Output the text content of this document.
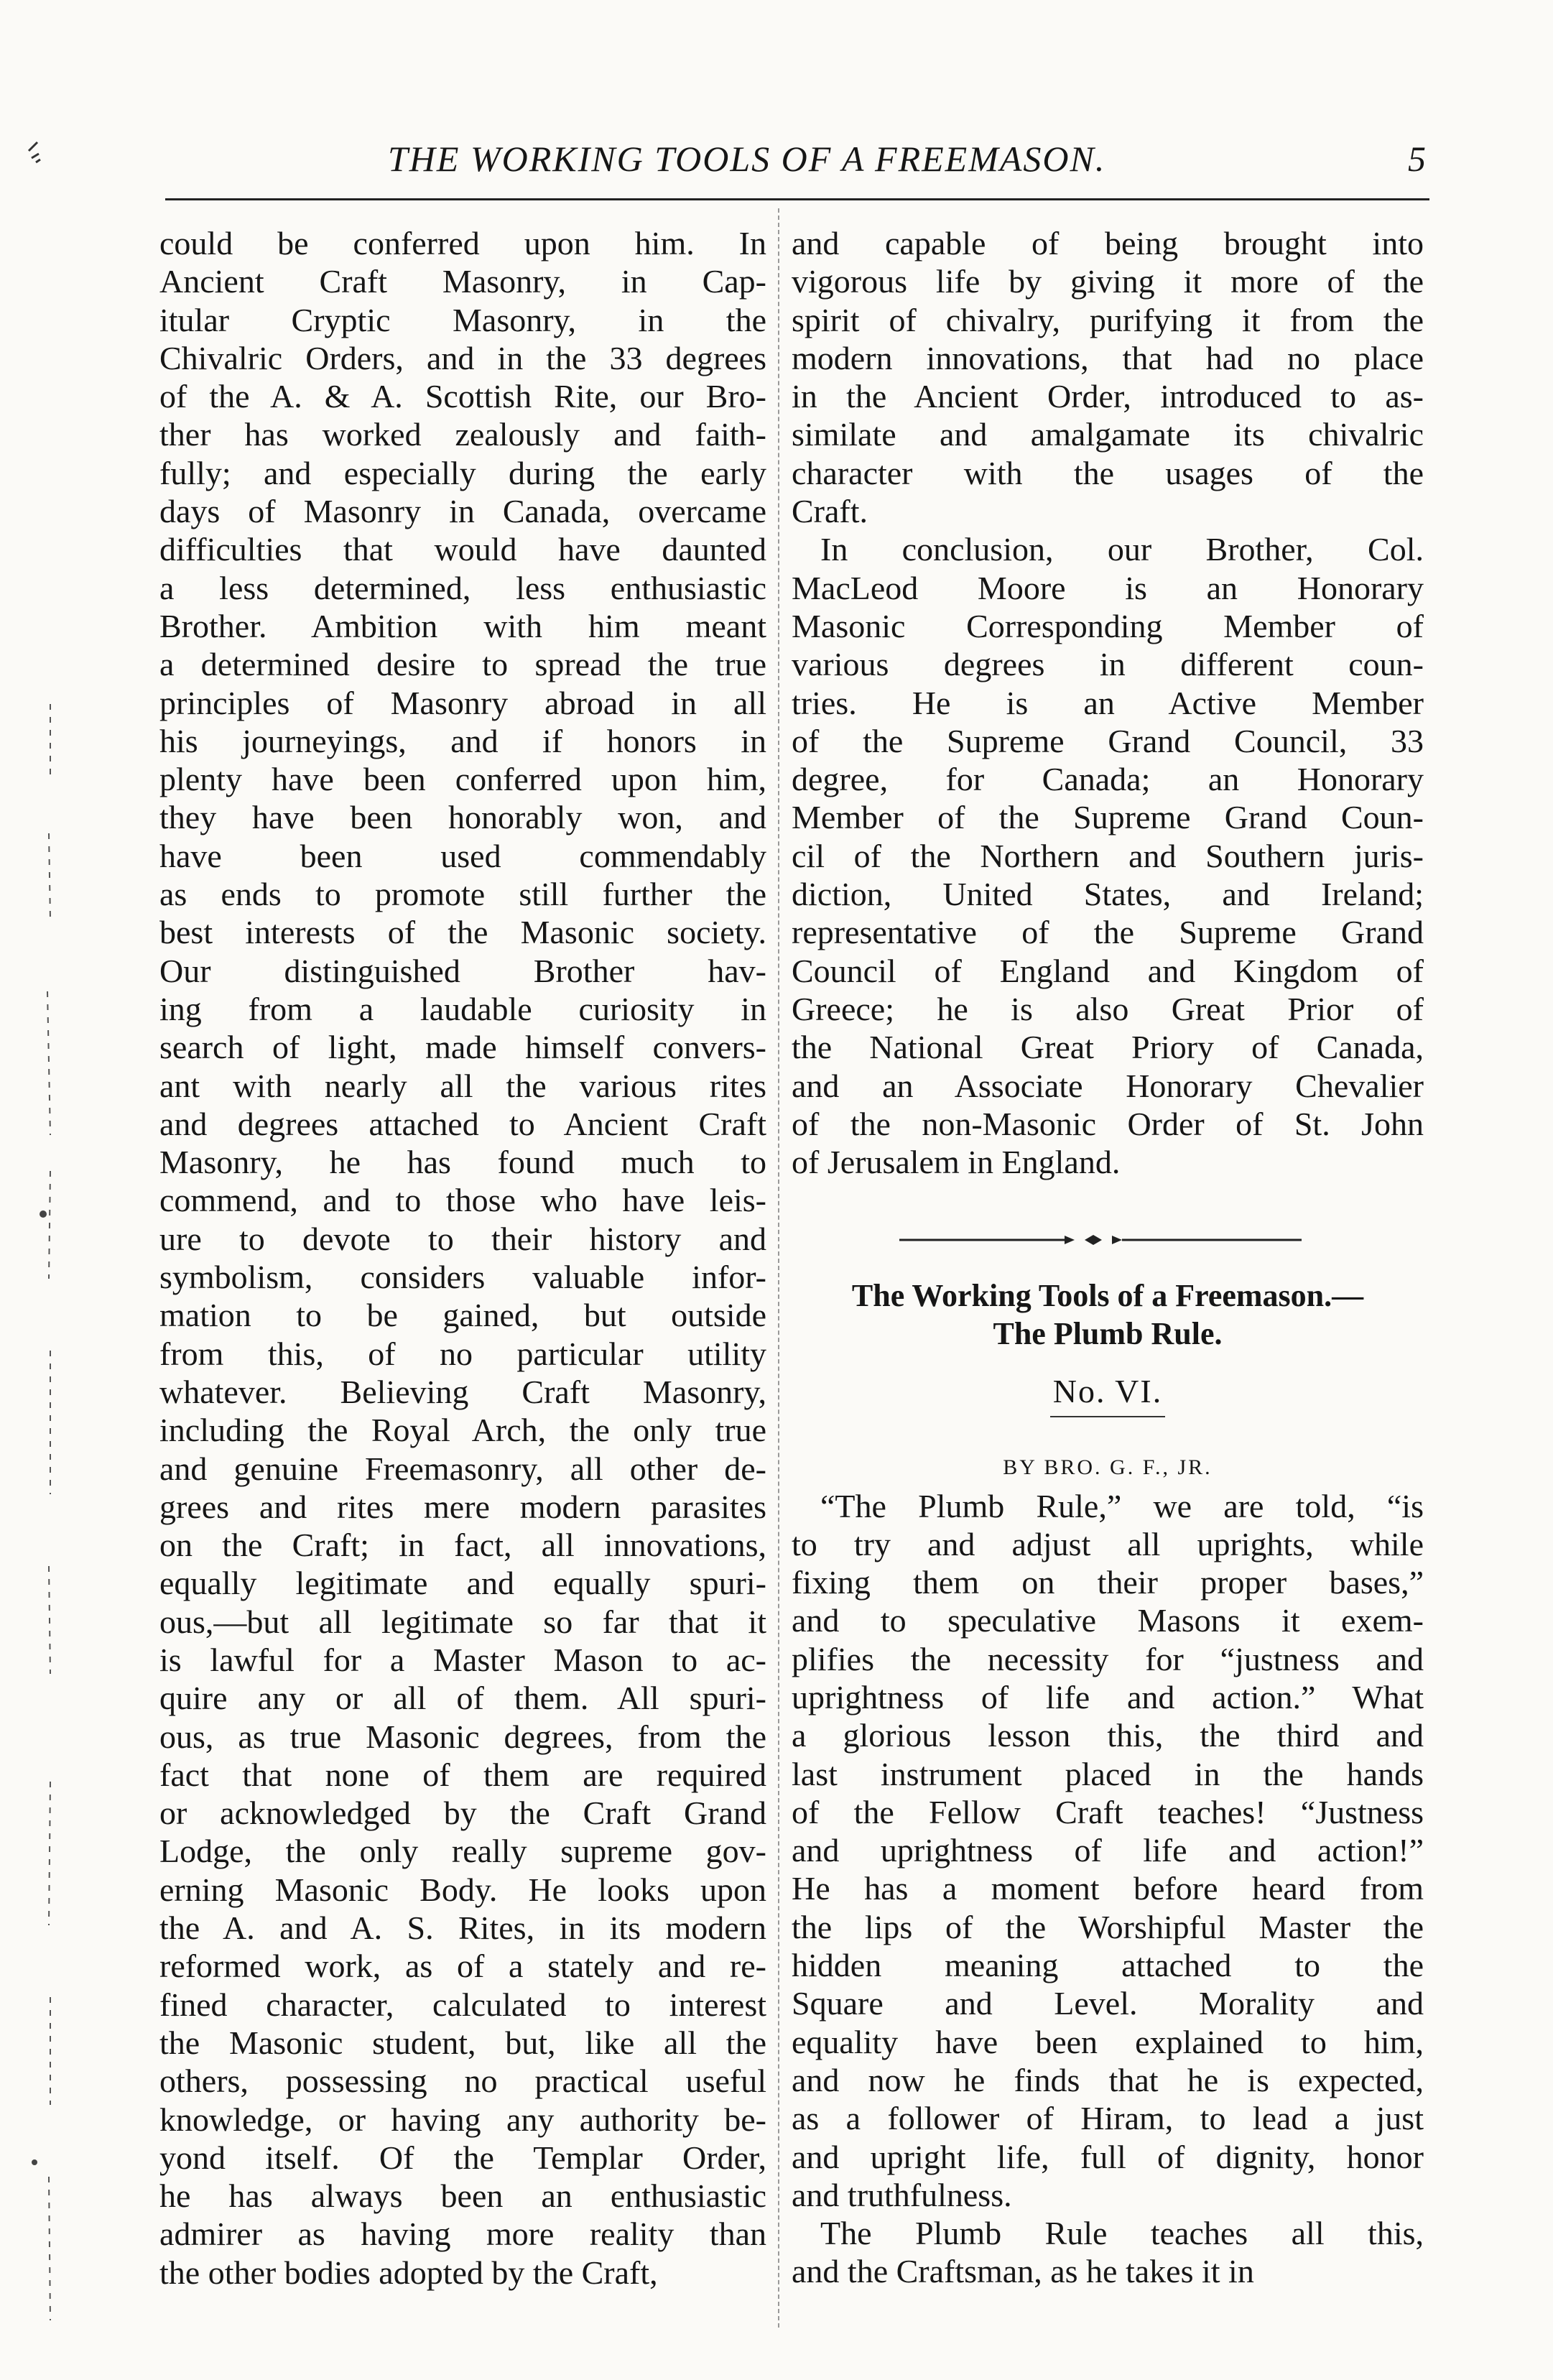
THE WORKING TOOLS OF A FREEMASON.	5
could be conferred upon him. In
Ancient Craft Masonry, in Cap-
itular Cryptic Masonry, in the
Chivalric Orders, and in the 33 degrees
of the A. & A. Scottish Rite, our Bro-
ther has worked zealously and faith-
fully; and especially during the early
days of Masonry in Canada, overcame
difficulties that would have daunted
a less determined, less enthusiastic
Brother. Ambition with him meant
a determined desire to spread the true
principles of Masonry abroad in all
his journeyings, and if honors in
plenty have been conferred upon him,
they have been honorably won, and
have been used commendably
as ends to promote still further the
best interests of the Masonic society.
Our distinguished Brother hav-
ing from a laudable curiosity in
search of light, made himself convers-
ant with nearly all the various rites
and degrees attached to Ancient Craft
Masonry, he has found much to
commend, and to those who have leis-
ure to devote to their history and
symbolism, considers valuable infor-
mation to be gained, but outside
from this, of no particular utility
whatever. Believing Craft Masonry,
including the Royal Arch, the only true
and genuine Freemasonry, all other de-
grees and rites mere modern parasites
on the Craft; in fact, all innovations,
equally legitimate and equally spuri-
ous,—but all legitimate so far that it
is lawful for a Master Mason to ac-
quire any or all of them. All spuri-
ous, as true Masonic degrees, from the
fact that none of them are required
or acknowledged by the Craft Grand
Lodge, the only really supreme gov-
erning Masonic Body. He looks upon
the A. and A. S. Rites, in its modern
reformed work, as of a stately and re-
fined character, calculated to interest
the Masonic student, but, like all the
others, possessing no practical useful
knowledge, or having any authority be-
yond itself. Of the Templar Order,
he has always been an enthusiastic
admirer as having more reality than
the other bodies adopted by the Craft,
and capable of being brought into
vigorous life by giving it more of the
spirit of chivalry, purifying it from the
modern innovations, that had no place
in the Ancient Order, introduced to as-
similate and amalgamate its chivalric
character with the usages of the
Craft.
In conclusion, our Brother, Col.
MacLeod Moore is an Honorary
Masonic Corresponding Member of
various degrees in different coun-
tries. He is an Active Member
of the Supreme Grand Council, 33
degree, for Canada; an Honorary
Member of the Supreme Grand Coun-
cil of the Northern and Southern juris-
diction, United States, and Ireland;
representative of the Supreme Grand
Council of England and Kingdom of
Greece; he is also Great Prior of
the National Great Priory of Canada,
and an Associate Honorary Chevalier
of the non-Masonic Order of St. John
of Jerusalem in England.
The Working Tools of a Freemason.—
The Plumb Rule.
No. VI.
BY BRO. G. F., JR.
“The Plumb Rule,” we are told, “is
to try and adjust all uprights, while
fixing them on their proper bases,”
and to speculative Masons it exem-
plifies the necessity for “justness and
uprightness of life and action.” What
a glorious lesson this, the third and
last instrument placed in the hands
of the Fellow Craft teaches! “Justness
and uprightness of life and action!”
He has a moment before heard from
the lips of the Worshipful Master the
hidden meaning attached to the
Square and Level. Morality and
equality have been explained to him,
and now he finds that he is expected,
as a follower of Hiram, to lead a just
and upright life, full of dignity, honor
and truthfulness.
The Plumb Rule teaches all this,
and the Craftsman, as he takes it in
